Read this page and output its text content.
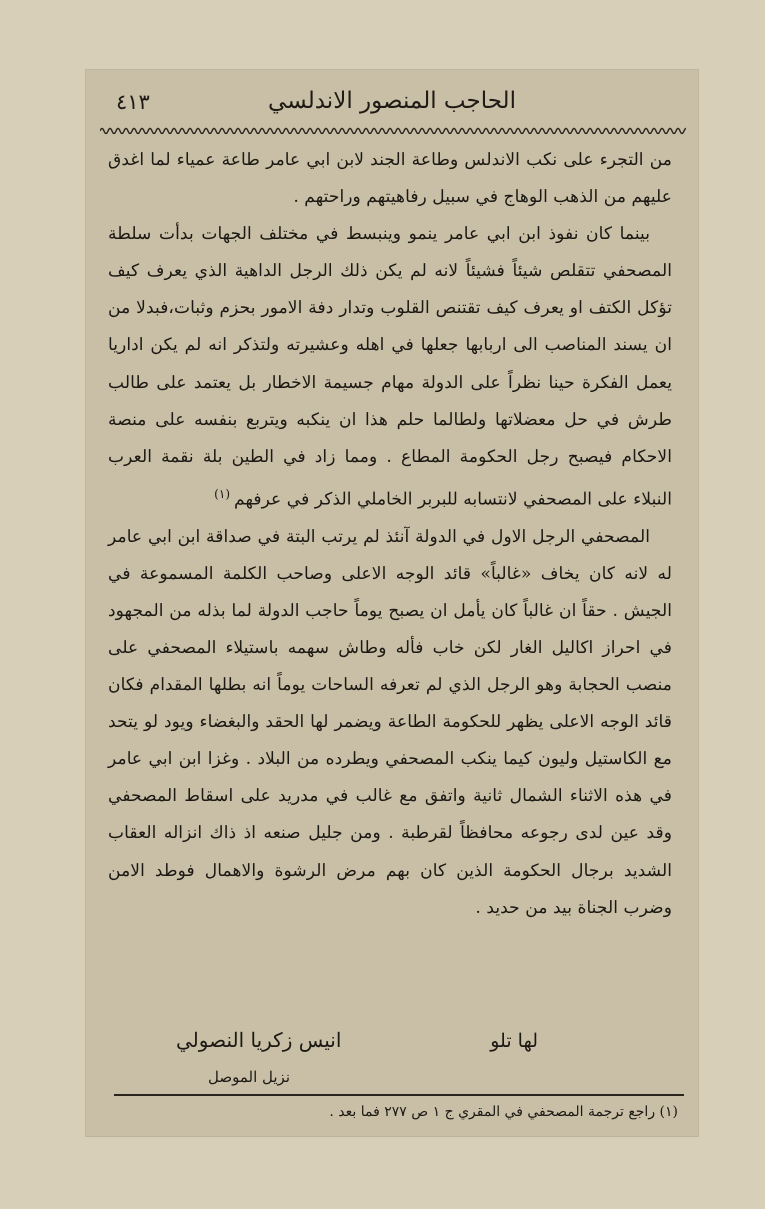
الحاجب المنصور الاندلسي
٤١٣

من التجرء على نكب الاندلس وطاعة الجند لابن ابي عامر طاعة عمياء لما اغدق عليهم من الذهب الوهاج في سبيل رفاهيتهم وراحتهم .

بينما كان نفوذ ابن ابي عامر ينمو وينبسط في مختلف الجهات بدأت سلطة المصحفي تتقلص شيئاً فشيئاً لانه لم يكن ذلك الرجل الداهية الذي يعرف كيف تؤكل الكتف او يعرف كيف تقتنص القلوب وتدار دفة الامور بحزم وثبات،فبدلا من ان يسند المناصب الى اربابها جعلها في اهله وعشيرته ولتذكر انه لم يكن اداريا يعمل الفكرة حينا نظراً على الدولة مهام جسيمة الاخطار بل يعتمد على طالب طرش في حل معضلاتها ولطالما حلم هذا ان ينكبه ويتربع بنفسه على منصة الاحكام فيصبح رجل الحكومة المطاع . ومما زاد في الطين بلة نقمة العرب النبلاء على المصحفي لانتسابه للبربر الخاملي الذكر في عرفهم$^{(١)}$

المصحفي الرجل الاول في الدولة آنئذ لم يرتب البتة في صداقة ابن ابي عامر له لانه كان يخاف «غالباً» قائد الوجه الاعلى وصاحب الكلمة المسموعة في الجيش . حقاً ان غالباً كان يأمل ان يصبح يوماً حاجب الدولة لما بذله من المجهود في احراز اكاليل الغار لكن خاب فأله وطاش سهمه باستيلاء المصحفي على منصب الحجابة وهو الرجل الذي لم تعرفه الساحات يوماً انه بطلها المقدام فكان قائد الوجه الاعلى يظهر للحكومة الطاعة ويضمر لها الحقد والبغضاء ويود لو يتحد مع الكاستيل وليون كيما ينكب المصحفي ويطرده من البلاد . وغزا ابن ابي عامر في هذه الاثناء الشمال ثانية واتفق مع غالب في مدريد على اسقاط المصحفي وقد عين لدى رجوعه محافظاً لقرطبة . ومن جليل صنعه اذ ذاك انزاله العقاب الشديد برجال الحكومة الذين كان بهم مرض الرشوة والاهمال فوطد الامن وضرب الجناة بيد من حديد .

لها تلو
انيس زكريا النصولي
نزيل الموصل
(١) راجع ترجمة المصحفي في المقري ج ١ ص ٢٧٧ فما بعد .
